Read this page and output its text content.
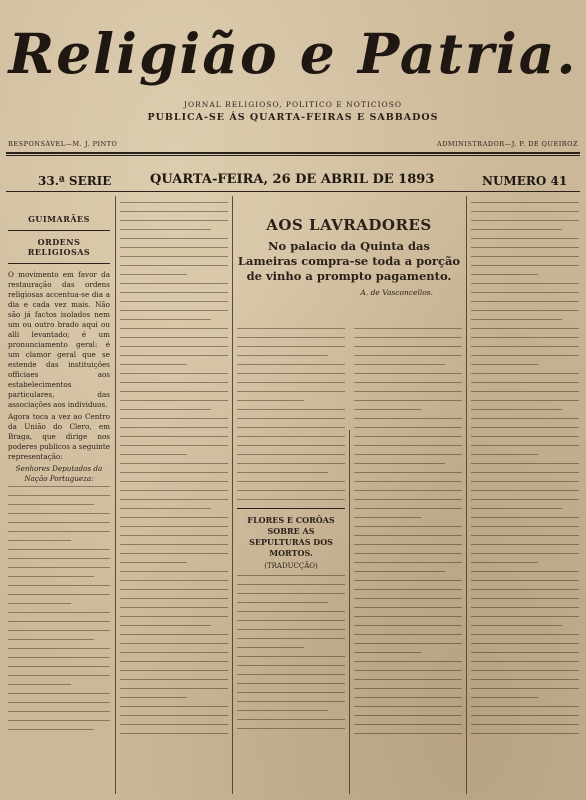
Religião e Patria.
JORNAL RELIGIOSO, POLITICO E NOTICIOSO
PUBLICA-SE ÁS QUARTA-FEIRAS E SABBADOS
RESPONSÁVEL—M. J. PINTO	ADMINISTRADOR—J. P. DE QUEIROZ
33.ª SERIE	QUARTA-FEIRA, 26 DE ABRIL DE 1893	NUMERO 41
GUIMARÃES
ORDENS RELIGIOSAS

O movimento em favor da restauração das ordens religiosas accentua-se dia a dia e cada vez mais. Não são já factos isolados nem um ou outro brado aqui ou alli levantado; é um pronunciamento geral: é um clamor geral que se estende das instituições officiaes aos estabelecimentos particulares, das associações aos individuos.

Agora toca a vez ao Centro da União do Clero, em Braga, que dirige nos poderes publicos a seguinte representação:

Senhores Deputados da Nação Portugueza:

AOS LAVRADORES
No palacio da Quinta das Lameiras compra-se toda a porção de vinho a prompto pagamento.
A. de Vasconcellos.
FLORES E CORÔAS SOBRE AS SEPULTURAS DOS MORTOS.
(TRADUCÇÃO)
